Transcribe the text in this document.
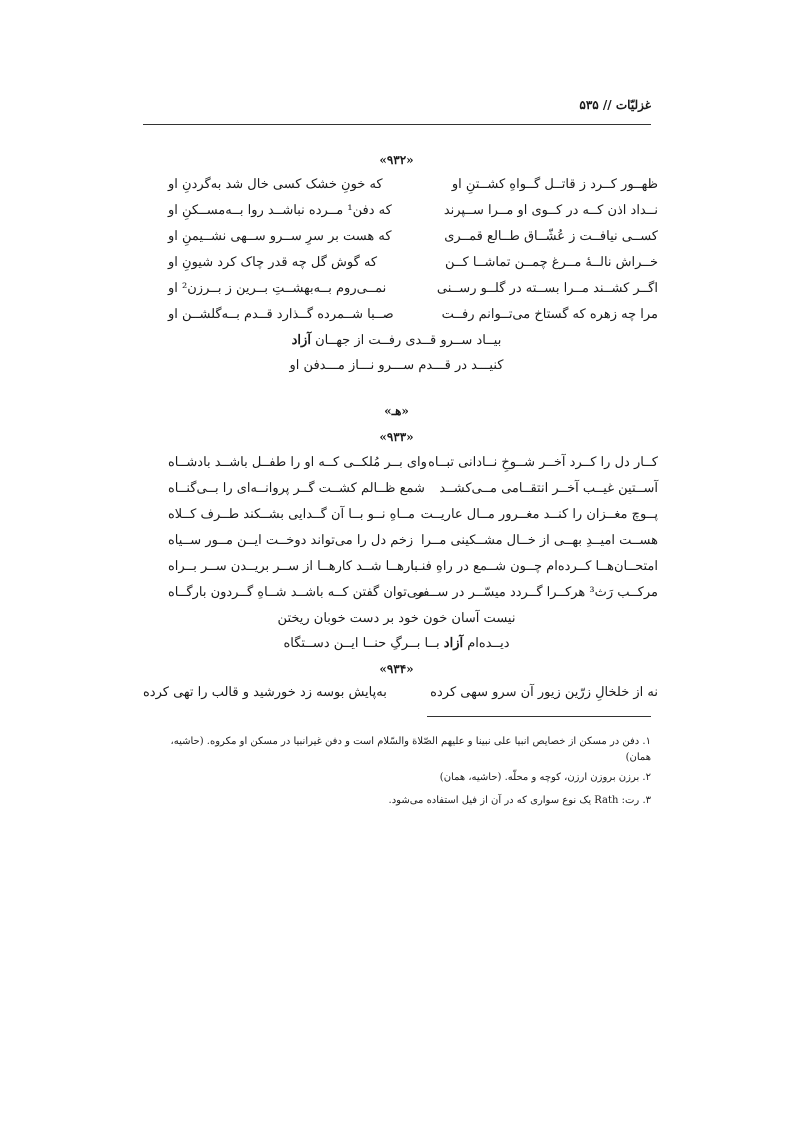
غزلیّات // ۵۳۵
«۹۳۲»
ظهــور کــرد ز قاتــل گــواهِ کشــتنِ او
که خونِ خشک کسی خال شد به‌گردنِ او
نــداد اذن کــه در کــوی او مــرا ســپرند
که دفن¹ مــرده نباشــد روا بــه‌مســکنِ او
کســی نیافــت ز عُشّــاق طــالع قمــری
که هست بر سرِ ســرو ســهی نشــیمنِ او
خــراش نالــهٔ مــرغ چمــن تماشــا کــن
که گوش گل چه قدر چاک کرد شیونِ او
اگــر کشــند مــرا بســته در گلــو رســنی
نمــی‌روم بــه‌بهشــتِ بــرین ز بــرزن² او
مرا چه زهره که گستاخ می‌تــوانم رفــت
صــبا شــمرده گــذارد قــدم بــه‌گلشــن او
بیــاد ســرو قــدی رفــت از جهــان آزاد
کنیـــد در قـــدم ســـرو نـــاز مـــدفن او
«هـ»
«۹۳۳»
کــار دل را کــرد آخــر شــوخِ نــادانی تبــاه
وای بــر مُلکــی کــه او را طفــل باشــد بادشــاه
آســتین غیــب آخــر انتقــامی مــی‌کشــد
شمع ظــالم کشــت گــر پروانــه‌ای را بــی‌گنــاه
پــوچ مغــزان را کنــد مغــرور مــال عاریــت
مــاهِ نــو بــا آن گــدایی بشــکند طــرف کــلاه
هســت امیــدِ بهــی از خــال مشــکینی مــرا
زخم دل را می‌تواند دوخــت ایــن مــور ســیاه
امتحــان‌هــا کــرده‌ام چــون شــمع در راهِ فنــا
بارهــا شــد کارهــا از ســر بریــدن ســر بــراه
مرکــب رَث³ هرکــرا گــردد میسّــر در ســفر
می‌توان گفتن کــه باشــد شــاهِ گــردون بارگــاه
نیست آسان خون خود بر دست خوبان ریختن
دیــده‌ام آزاد بــا بــرگِ حنــا ایــن دســتگاه
«۹۳۴»
نه از خلخالِ زرّین زیور آن سرو سهی کرده
به‌پایش بوسه زد خورشید و قالب را تهی کرده
۱. دفن در مسکن از خصایص انبیا علی نبینا و علیهم الصّلاة والسّلام است و دفن غیرانبیا در مسکن او مکروه. (حاشیه، همان)
۲. برزن بروزن ارزن، کوچه و محلّه. (حاشیه، همان)
۳. رت: Rath یک نوع سواری که در آن از فیل استفاده می‌شود.
